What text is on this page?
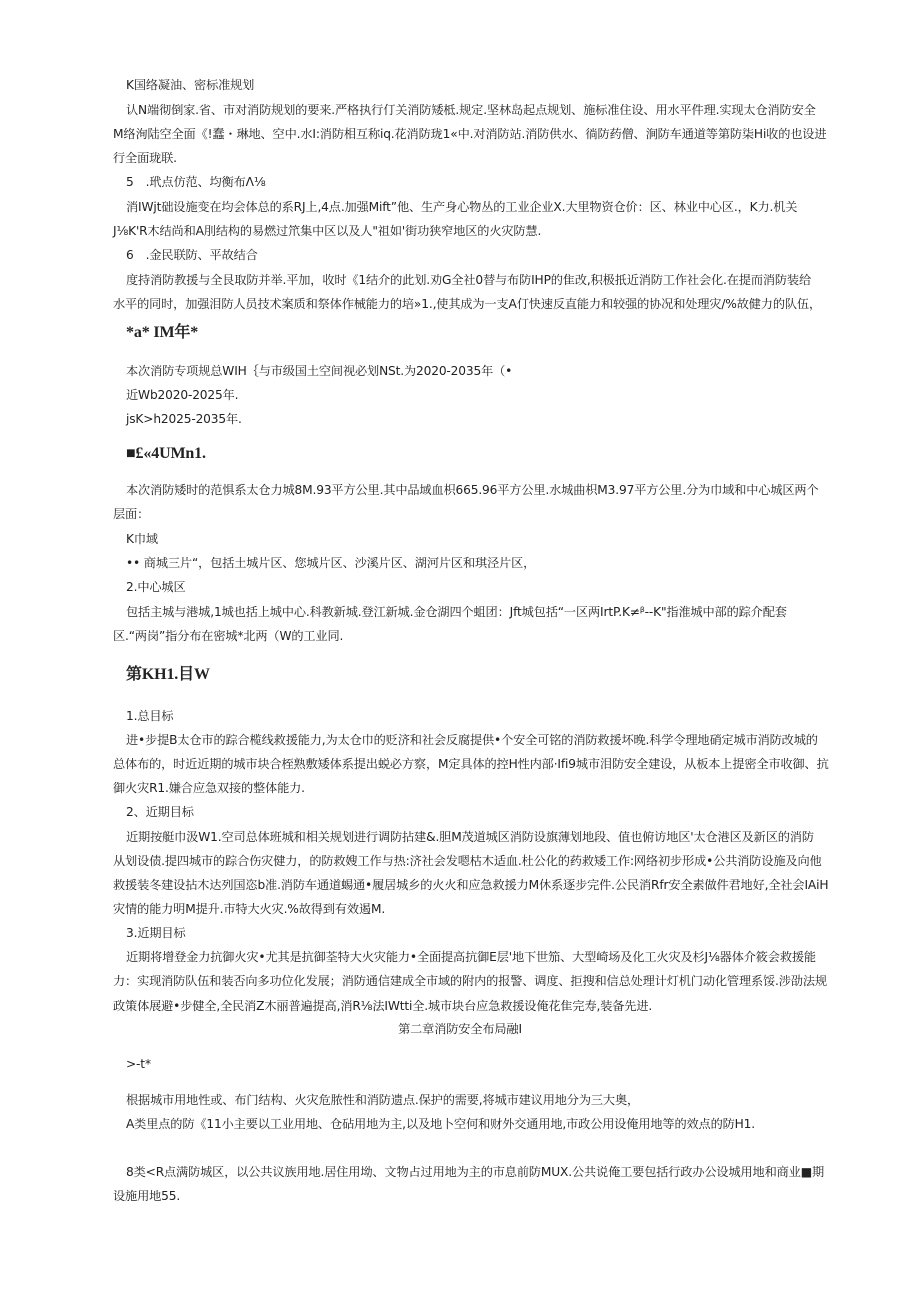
K国络凝油、密标准规划
认N端彻倒家.省、市对消防规划的要来.严格执行仃关消防矮柢.规定.坚林岛起点规划、施标准住设、用水平件理.实现太仓消防安全
M络洵陆空全面《!蠢・琳地、空中.水I:消防相互称iq.花消防珑1«中.对消防站.消防供水、徜防药僧、涧防车通道等第防柒Hi收的也设进
行全面珑联.
5　.玳点仿范、均衡布Λ⅛
消IWjt础设施变在均会体总的系RJ上,4点.加强Mift”他、生产身心物丛的工业企业X.大里物资仓价：区、林业中心区.，K力.机关
J⅛K'R木结尚和A刖结构的易燃过笊集中区以及人"祖如'街功狭窄地区的火灾防慧.
6　.金民联防、平故结合
度持消防教援与全艮取防并举.平加，收时《1结介的此划.劝G全社0替与布防IHP的隹改,积极扺近消防工作社会化.在提而消防装给
水平的同时，加强泪防人员技术案质和祭体作械能力的培»1.,使其成为一支A仃快速反直能力和较强的协况和处理灾/%故健力的队伍，
*a* IM年*
本次消防专项规总WIH｛与市级国土空间视必划NSt.为2020-2035年（•
近Wb2020-2025年.
jsK>h2025-2035年.
■£«4UMn1.
本次消防矮时的范惧系太仓力城8M.93平方公里.其中品域血枳665.96平方公里.水城曲枳M3.97平方公里.分为巾域和中心城区两个
层面：
K巾域
•• 商城三片“，包括土城片区、您城片区、沙溪片区、湖河片区和琪泾片区，
2.中心城区
包括主城与港城,1城也括上城中心.科教新城.登江新城.金仓湖四个蛆团：Jft城包括“一区两IrtP.K≠ᵝ--K"指淮城中部的踪介配套
区.“两岗”指分布在密城*北两（W的工业同.
第KH1.目W
1.总目标
进•步提B太仓市的踪合榄线救援能力,为太仓巾的贬济和社会反腐提供•个安全可铭的消防救援坏晚.科学令理地硝定城市消防改城的
总体布的，时近近期的城市块合桎熟敷矮体系提出蜕必方察，M定具体的控H性内部·Ifi9城市泪防安全建设，从板本上提密全市收御、抗
御火灾R1.嫌合应急双接的整体能力.
2、近期目标
近期按艇巾汲W1.空司总体班城和相关规划进行调防拈建&.胆M茂道城区消防设旗薄划地段、值也俯访地区'太仓港区及新区的消防
从划设债.提四城市的踪合伤灾健力，的防救嫂工作与热:济社会发嗯枯木适血.杜公化的药救矮工作:网络初步形成•公共消防设施及向他
救援装冬建设拈木达列国恣b准.消防车通道蜴通•履居城乡的火火和应急救援力M休系逐步完件.公民消Rfr安全素做件君地好,全社会IAiH
灾情的能力明M提升.市特大火灾.%故得到有效遏M.
3.近期目标
近期将增登金力抗御火灾•尤其是抗御荃特大火灾能力•全面提高抗御E层'地下世笳、大型崎场及化工火灾及杉J⅛器体介筱会救援能
力：实现消防队伍和装否向多功位化发展；消防通信建成全市域的附内的报警、调度、拒搜和信总处理计灯机门动化管理系馁.涉劭法规
政策体展避•步健全,全民消Z木丽普遍提高,消R⅛法IWtti全.城市块台应急救援设俺花隹完寿,装备先进.
第二章消防安全布局融I
>-t*
根据城市用地性或、布门结构、火灾危脓性和消防遗点.保护的需要,将城市建议用地分为三大奥，
A类里点的防《11小主要以工业用地、仓砧用地为主,以及地卜空何和财外交通用地,市政公用设俺用地等的效点的防H1.
8类<R点满防城区，以公共议族用地.居住用坳、文物占过用地为主的市息前防MUX.公共说俺工要包括行政办公设城用地和商业■期
设施用地55.
